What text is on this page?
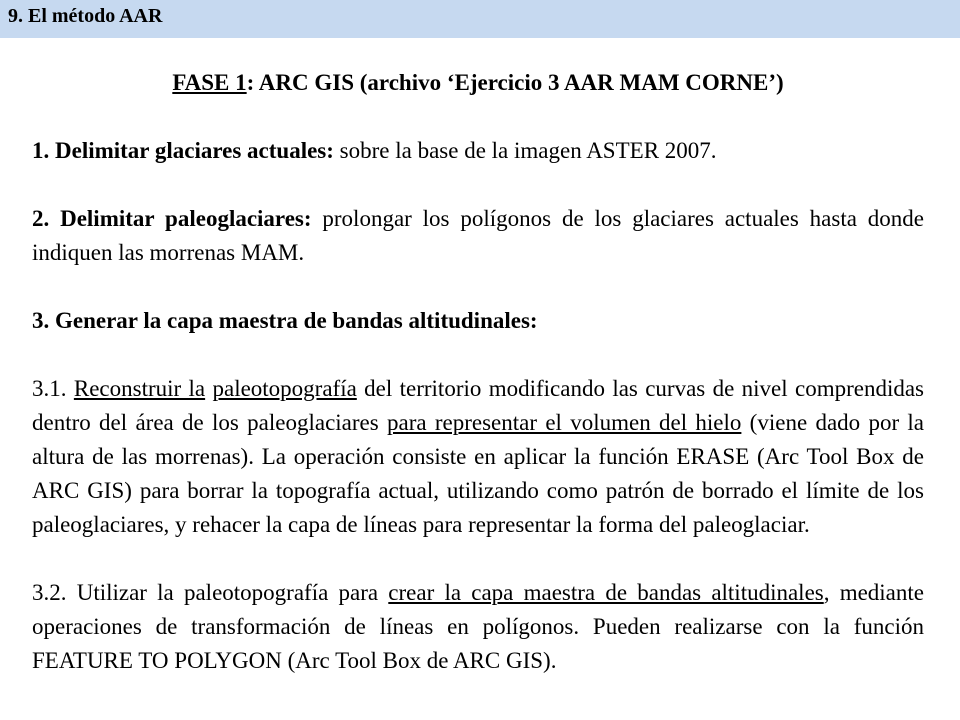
9. El método AAR

FASE 1: ARC GIS (archivo ‘Ejercicio 3 AAR MAM CORNE’)

1. Delimitar glaciares actuales: sobre la base de la imagen ASTER 2007.

2. Delimitar paleoglaciares: prolongar los polígonos de los glaciares actuales hasta donde indiquen las morrenas MAM.

3. Generar la capa maestra de bandas altitudinales:

3.1. Reconstruir la paleotopografía del territorio modificando las curvas de nivel comprendidas dentro del área de los paleoglaciares para representar el volumen del hielo (viene dado por la altura de las morrenas). La operación consiste en aplicar la función ERASE (Arc Tool Box de ARC GIS) para borrar la topografía actual, utilizando como patrón de borrado el límite de los paleoglaciares, y rehacer la capa de líneas para representar la forma del paleoglaciar.

3.2. Utilizar la paleotopografía para crear la capa maestra de bandas altitudinales, mediante operaciones de transformación de líneas en polígonos. Pueden realizarse con la función FEATURE TO POLYGON (Arc Tool Box de ARC GIS).
